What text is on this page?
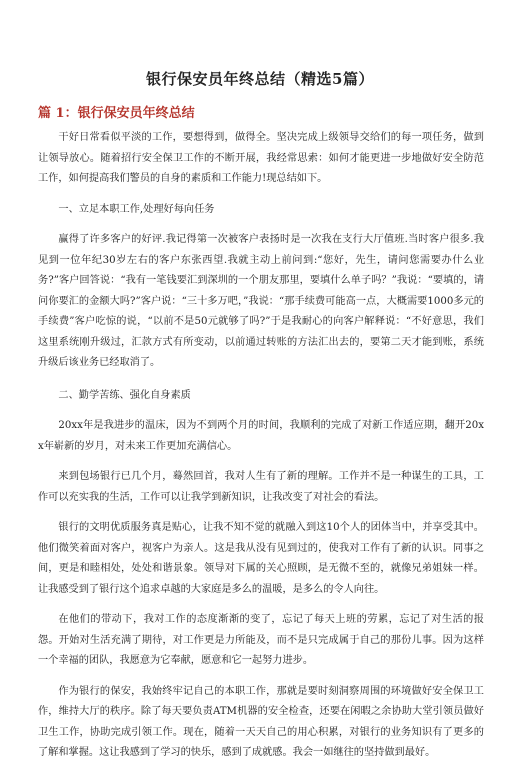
银行保安员年终总结（精选5篇）
篇 1：银行保安员年终总结

干好日常看似平淡的工作，要想得到，做得全。坚决完成上级领导交给们的每一项任务，做到让领导放心。随着招行安全保卫工作的不断开展，我经常思索：如何才能更进一步地做好安全防范工作，如何提高我们警员的自身的素质和工作能力!现总结如下。

一、立足本职工作,处理好每向任务

赢得了许多客户的好评.我记得第一次被客户表扬时是一次我在支行大厅值班.当时客户很多.我见到一位年纪30岁左右的客户东张西望.我就主动上前问到:“您好，先生，请问您需要办什么业务?”客户回答说：“我有一笔钱要汇到深圳的一个朋友那里，要填什么单子吗？”我说：“要填的，请问你要汇的金额大吗?”客户说：“三十多万吧，”我说：“那手续费可能高一点，大概需要1000多元的手续费”客户吃惊的说，“以前不是50元就够了吗?”于是我耐心的向客户解释说：“不好意思，我们这里系统刚升级过，汇款方式有所变动，以前通过转账的方法汇出去的，要第二天才能到账，系统升级后该业务已经取消了。

二、勤学苦练、强化自身素质

20xx年是我进步的温床，因为不到两个月的时间，我顺利的完成了对新工作适应期，翻开20xx年崭新的岁月，对未来工作更加充满信心。

来到包场银行已几个月，蓦然回首，我对人生有了新的理解。工作并不是一种谋生的工具，工作可以充实我的生活，工作可以让我学到新知识，让我改变了对社会的看法。

银行的文明优质服务真是贴心，让我不知不觉的就融入到这10个人的团体当中，并享受其中。他们微笑着面对客户，视客户为亲人。这是我从没有见到过的，使我对工作有了新的认识。同事之间，更是和睦相处，处处和谐景象。领导对下属的关心照顾，是无微不至的，就像兄弟姐妹一样。让我感受到了银行这个追求卓越的大家庭是多么的温暖，是多么的令人向往。

在他们的带动下，我对工作的态度渐渐的变了，忘记了每天上班的劳累，忘记了对生活的报怨。开始对生活充满了期待，对工作更是力所能及，而不是只完成属于自己的那份儿事。因为这样一个幸福的团队，我愿意为它奉献，愿意和它一起努力进步。

作为银行的保安，我始终牢记自己的本职工作，那就是要时刻洞察周围的环境做好安全保卫工作，维持大厅的秩序。除了每天要负责ATM机器的安全检查，还要在闲暇之余协助大堂引领员做好卫生工作，协助完成引领工作。现在，随着一天天自己的用心积累，对银行的业务知识有了更多的了解和掌握。这让我感到了学习的快乐，感到了成就感。我会一如继往的坚持做到最好。
